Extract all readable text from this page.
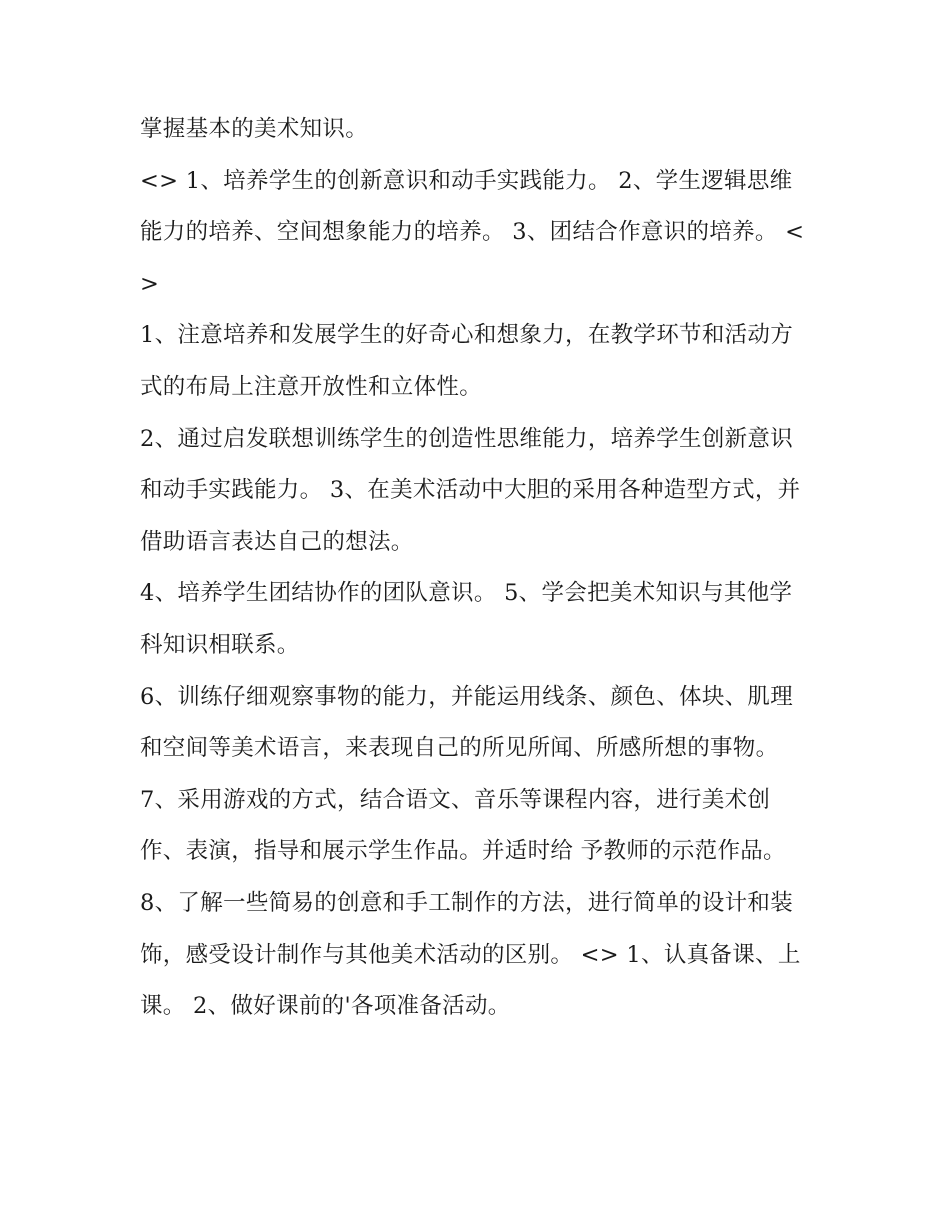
掌握基本的美术知识。

<> 1、培养学生的创新意识和动手实践能力。 2、学生逻辑思维能力的培养、空间想象能力的培养。 3、团结合作意识的培养。 <>

1、注意培养和发展学生的好奇心和想象力，在教学环节和活动方式的布局上注意开放性和立体性。

2、通过启发联想训练学生的创造性思维能力，培养学生创新意识和动手实践能力。 3、在美术活动中大胆的采用各种造型方式，并借助语言表达自己的想法。

4、培养学生团结协作的团队意识。 5、学会把美术知识与其他学科知识相联系。

6、训练仔细观察事物的能力，并能运用线条、颜色、体块、肌理和空间等美术语言，来表现自己的所见所闻、所感所想的事物。

7、采用游戏的方式，结合语文、音乐等课程内容，进行美术创作、表演，指导和展示学生作品。并适时给 予教师的示范作品。

8、了解一些简易的创意和手工制作的方法，进行简单的设计和装饰，感受设计制作与其他美术活动的区别。 <> 1、认真备课、上课。 2、做好课前的'各项准备活动。
